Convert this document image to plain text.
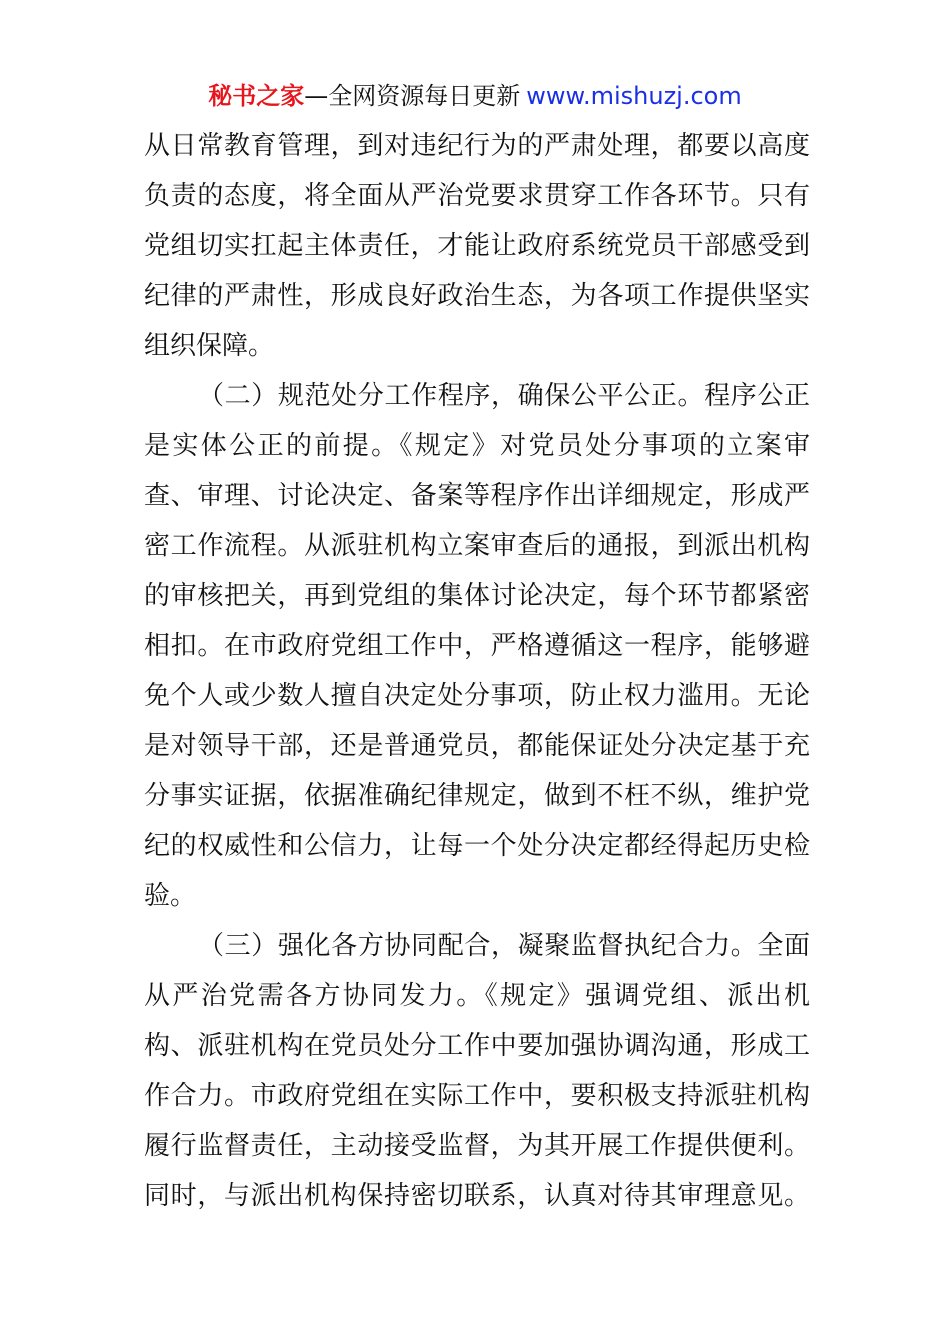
秘书之家—全网资源每日更新 www.mishuzj.com
从日常教育管理，到对违纪行为的严肃处理，都要以高度
负责的态度，将全面从严治党要求贯穿工作各环节。只有
党组切实扛起主体责任，才能让政府系统党员干部感受到
纪律的严肃性，形成良好政治生态，为各项工作提供坚实
组织保障。
（二）规范处分工作程序，确保公平公正。程序公正
是实体公正的前提。《规定》对党员处分事项的立案审
查、审理、讨论决定、备案等程序作出详细规定，形成严
密工作流程。从派驻机构立案审查后的通报，到派出机构
的审核把关，再到党组的集体讨论决定，每个环节都紧密
相扣。在市政府党组工作中，严格遵循这一程序，能够避
免个人或少数人擅自决定处分事项，防止权力滥用。无论
是对领导干部，还是普通党员，都能保证处分决定基于充
分事实证据，依据准确纪律规定，做到不枉不纵，维护党
纪的权威性和公信力，让每一个处分决定都经得起历史检
验。
（三）强化各方协同配合，凝聚监督执纪合力。全面
从严治党需各方协同发力。《规定》强调党组、派出机
构、派驻机构在党员处分工作中要加强协调沟通，形成工
作合力。市政府党组在实际工作中，要积极支持派驻机构
履行监督责任，主动接受监督，为其开展工作提供便利。
同时，与派出机构保持密切联系，认真对待其审理意见。
